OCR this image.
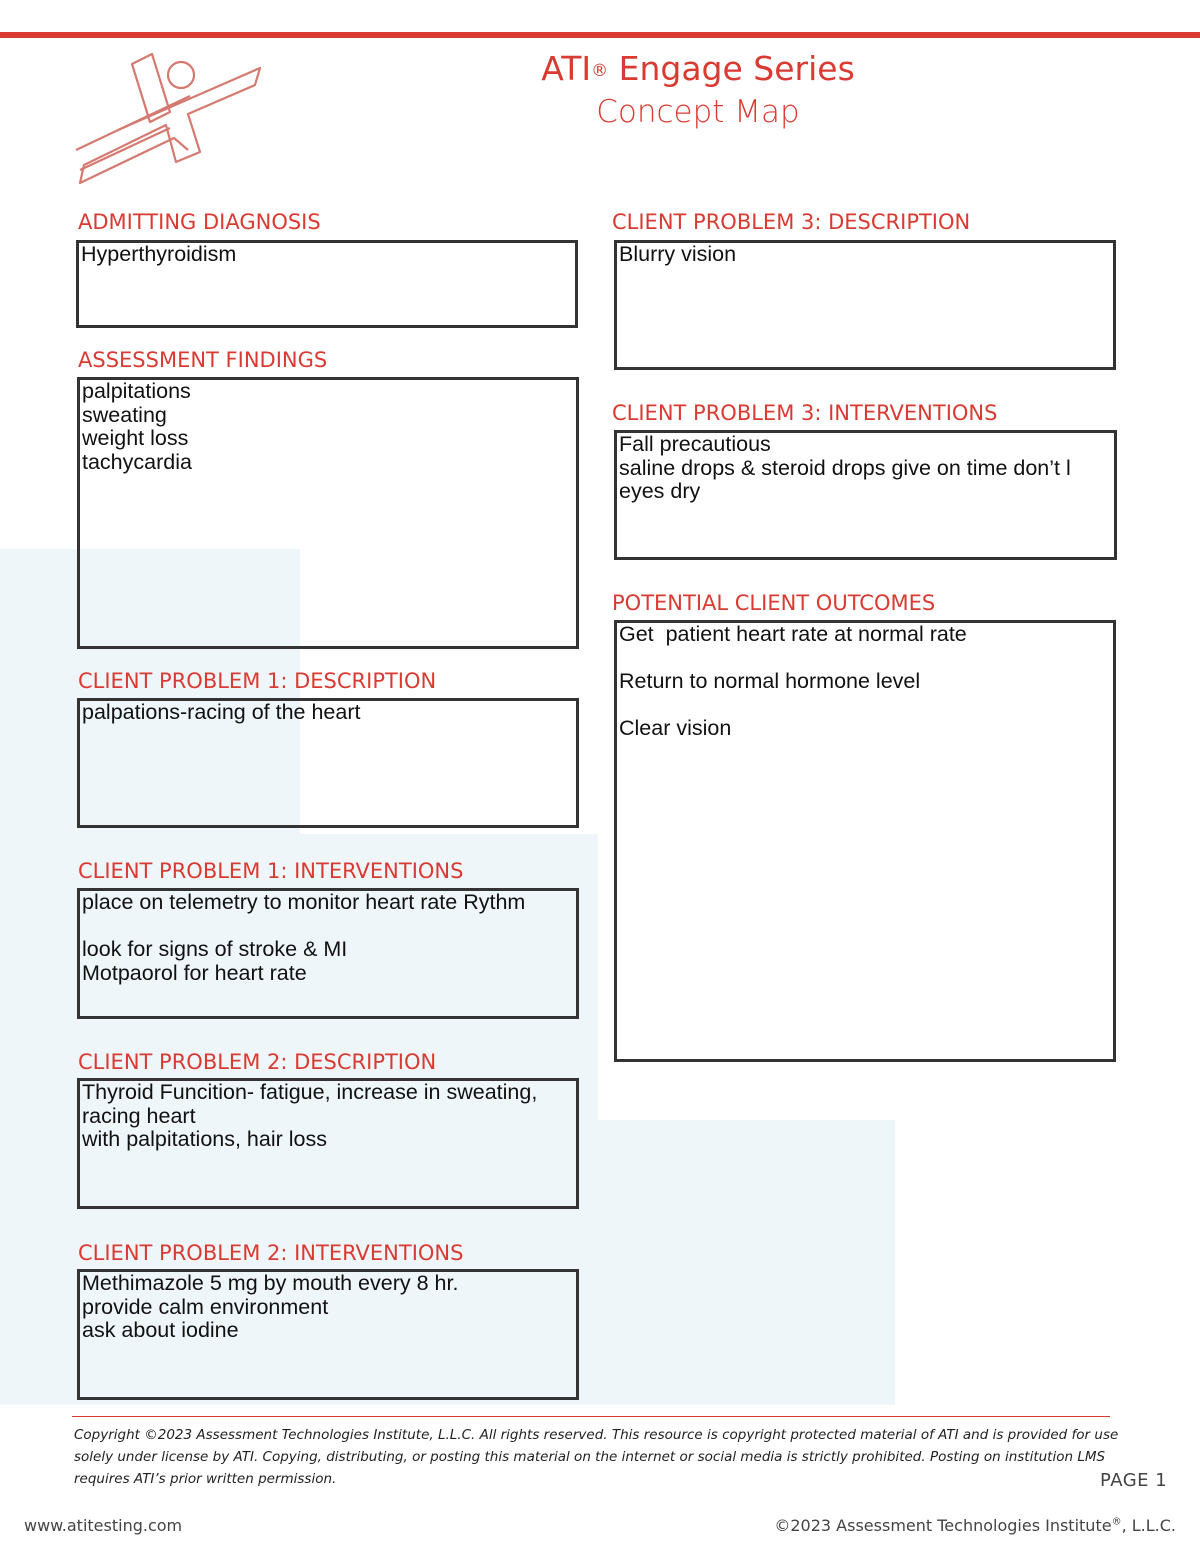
ATI® Engage Series
Concept Map
ADMITTING DIAGNOSIS
Hyperthyroidism
ASSESSMENT FINDINGS
palpitations
sweating
weight loss
tachycardia
CLIENT PROBLEM 1: DESCRIPTION
palpations-racing of the heart
CLIENT PROBLEM 1: INTERVENTIONS
place on telemetry to monitor heart rate Rythm
look for signs of stroke & MI
Motpaorol for heart rate
CLIENT PROBLEM 2: DESCRIPTION
Thyroid Funcition- fatigue, increase in sweating,
racing heart
with palpitations, hair loss
CLIENT PROBLEM 2: INTERVENTIONS
Methimazole 5 mg by mouth every 8 hr.
provide calm environment
ask about iodine
CLIENT PROBLEM 3: DESCRIPTION
Blurry vision
CLIENT PROBLEM 3: INTERVENTIONS
Fall precautious
saline drops & steroid drops give on time don’t l
eyes dry
POTENTIAL CLIENT OUTCOMES
Get  patient heart rate at normal rate
Return to normal hormone level
Clear vision
Copyright ©2023 Assessment Technologies Institute, L.L.C. All rights reserved. This resource is copyright protected material of ATI and is provided for use solely under license by ATI. Copying, distributing, or posting this material on the internet or social media is strictly prohibited. Posting on institution LMS requires ATI’s prior written permission.	PAGE 1
www.atitesting.com	©2023 Assessment Technologies Institute®, L.L.C.
